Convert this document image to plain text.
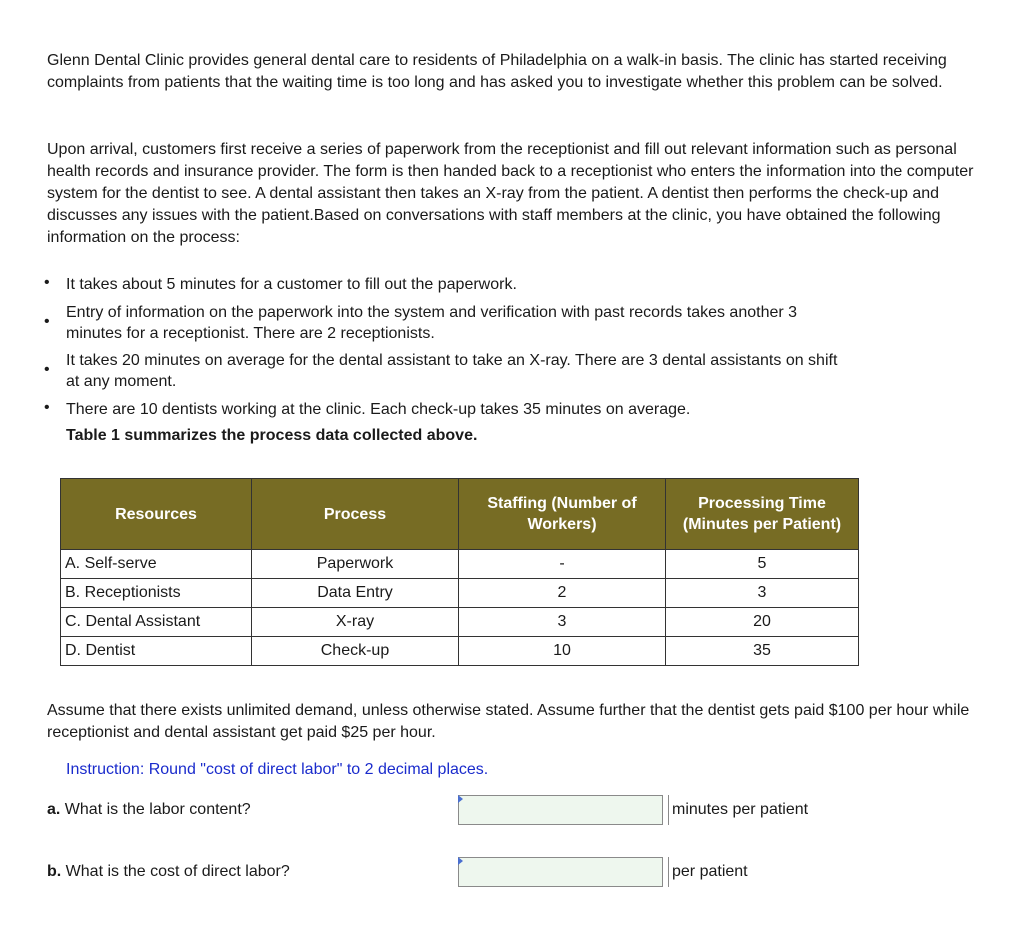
Glenn Dental Clinic provides general dental care to residents of Philadelphia on a walk-in basis. The clinic has started receiving complaints from patients that the waiting time is too long and has asked you to investigate whether this problem can be solved.
Upon arrival, customers first receive a series of paperwork from the receptionist and fill out relevant information such as personal health records and insurance provider. The form is then handed back to a receptionist who enters the information into the computer system for the dentist to see. A dental assistant then takes an X-ray from the patient. A dentist then performs the check-up and discusses any issues with the patient.Based on conversations with staff members at the clinic, you have obtained the following information on the process:
• It takes about 5 minutes for a customer to fill out the paperwork.
•
Entry of information on the paperwork into the system and verification with past records takes another 3 minutes for a receptionist. There are 2 receptionists.
•
It takes 20 minutes on average for the dental assistant to take an X-ray. There are 3 dental assistants on shift at any moment.
• There are 10 dentists working at the clinic. Each check-up takes 35 minutes on average.
Table 1 summarizes the process data collected above.
Resources	Process	Staffing (Number of Workers)	Processing Time (Minutes per Patient)
A. Self-serve	Paperwork	-	5
B. Receptionists	Data Entry	2	3
C. Dental Assistant	X-ray	3	20
D. Dentist	Check-up	10	35
Assume that there exists unlimited demand, unless otherwise stated. Assume further that the dentist gets paid $100 per hour while receptionist and dental assistant get paid $25 per hour.
Instruction: Round "cost of direct labor" to 2 decimal places.
a. What is the labor content?	minutes per patient
b. What is the cost of direct labor?	per patient
